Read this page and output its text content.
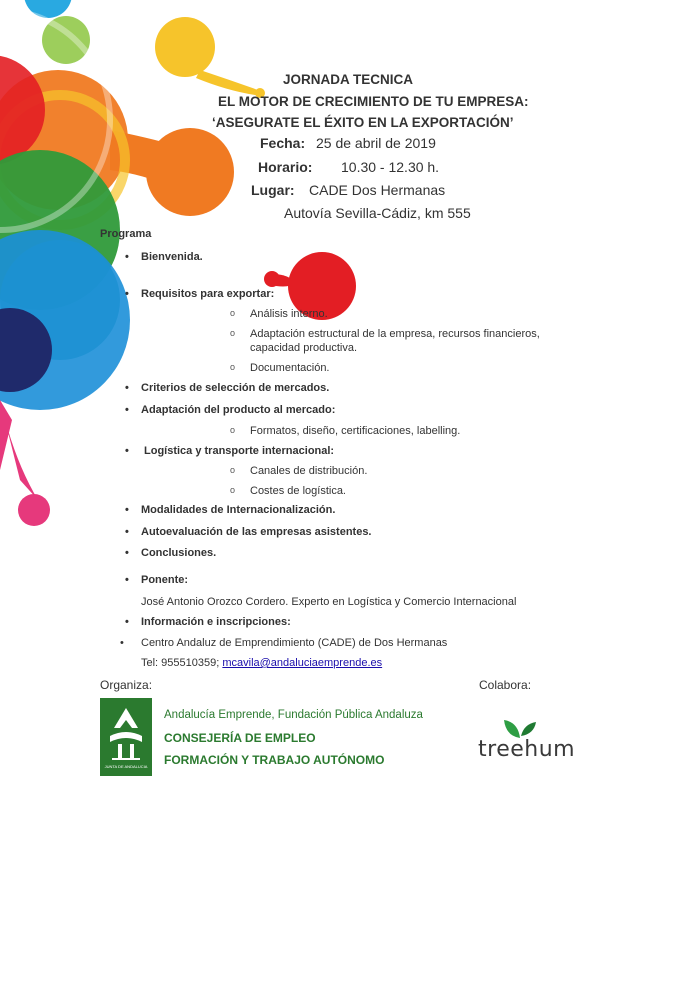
JORNADA TECNICA
EL MOTOR DE CRECIMIENTO DE TU EMPRESA:
‘ASEGURATE EL ÉXITO EN LA EXPORTACIÓN’
Fecha: 25 de abril de 2019
Horario: 10.30 - 12.30 h.
Lugar: CADE Dos Hermanas
Autovía Sevilla-Cádiz, km 555
Programa
• Bienvenida.
• Requisitos para exportar:
o Análisis interno.
o Adaptación estructural de la empresa, recursos financieros,
capacidad productiva.
o Documentación.
• Criterios de selección de mercados.
• Adaptación del producto al mercado:
o Formatos, diseño, certificaciones, labelling.
• Logística y transporte internacional:
o Canales de distribución.
o Costes de logística.
• Modalidades de Internacionalización.
• Autoevaluación de las empresas asistentes.
• Conclusiones.
• Ponente:
José Antonio Orozco Cordero. Experto en Logística y Comercio Internacional
• Información e inscripciones:
• Centro Andaluz de Emprendimiento (CADE) de Dos Hermanas
Tel: 955510359; mcavila@andaluciaemprende.es
Organiza:	Colabora:
JUNTA DE ANDALUCIA
Andalucía Emprende, Fundación Pública Andaluza
CONSEJERÍA DE EMPLEO
FORMACIÓN Y TRABAJO AUTÓNOMO	treehum
